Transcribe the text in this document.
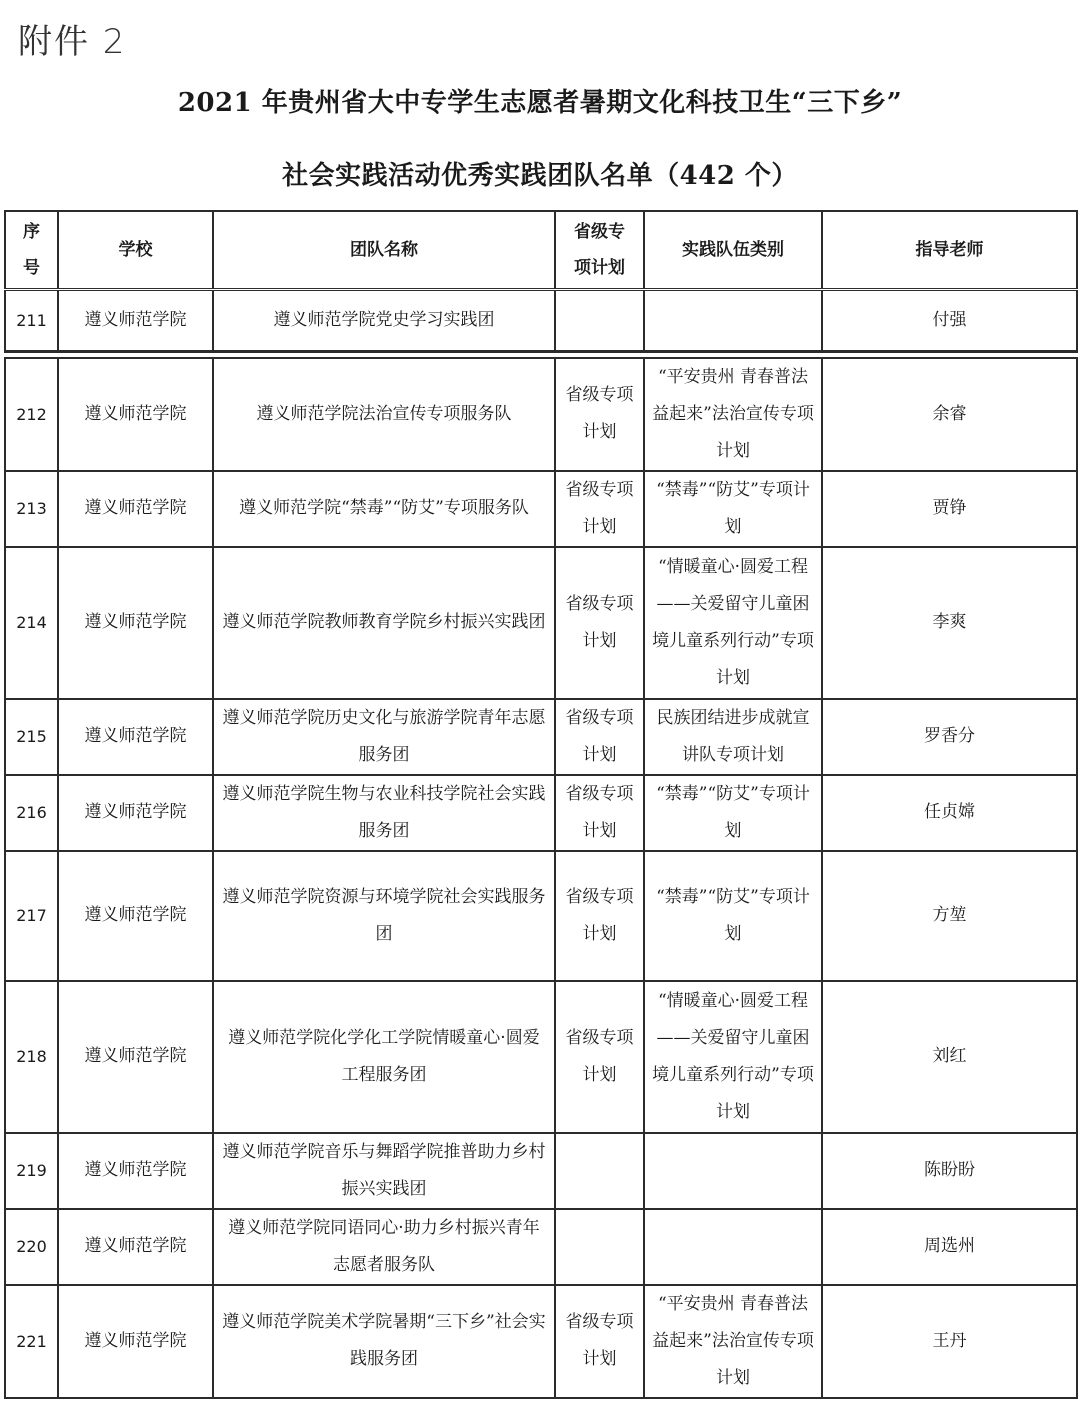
附件 2
2021 年贵州省大中专学生志愿者暑期文化科技卫生“三下乡”
社会实践活动优秀实践团队名单（442 个）
序号	学校	团队名称	省级专项计划	实践队伍类别	指导老师
211	遵义师范学院	遵义师范学院党史学习实践团			付强

212	遵义师范学院	遵义师范学院法治宣传专项服务队	省级专项计划	“平安贵州 青春普法益起来”法治宣传专项计划	余睿
213	遵义师范学院	遵义师范学院“禁毒”“防艾”专项服务队	省级专项计划	“禁毒”“防艾”专项计划	贾铮
214	遵义师范学院	遵义师范学院教师教育学院乡村振兴实践团	省级专项计划	“情暖童心·圆爱工程——关爱留守儿童困境儿童系列行动”专项计划	李爽
215	遵义师范学院	遵义师范学院历史文化与旅游学院青年志愿服务团	省级专项计划	民族团结进步成就宣讲队专项计划	罗香分
216	遵义师范学院	遵义师范学院生物与农业科技学院社会实践服务团	省级专项计划	“禁毒”“防艾”专项计划	任贞嫦
217	遵义师范学院	遵义师范学院资源与环境学院社会实践服务团	省级专项计划	“禁毒”“防艾”专项计划	方堃
218	遵义师范学院	遵义师范学院化学化工学院情暖童心·圆爱工程服务团	省级专项计划	“情暖童心·圆爱工程——关爱留守儿童困境儿童系列行动”专项计划	刘红
219	遵义师范学院	遵义师范学院音乐与舞蹈学院推普助力乡村振兴实践团			陈盼盼
220	遵义师范学院	遵义师范学院同语同心·助力乡村振兴青年志愿者服务队			周选州
221	遵义师范学院	遵义师范学院美术学院暑期“三下乡”社会实践服务团	省级专项计划	“平安贵州 青春普法益起来”法治宣传专项计划	王丹
